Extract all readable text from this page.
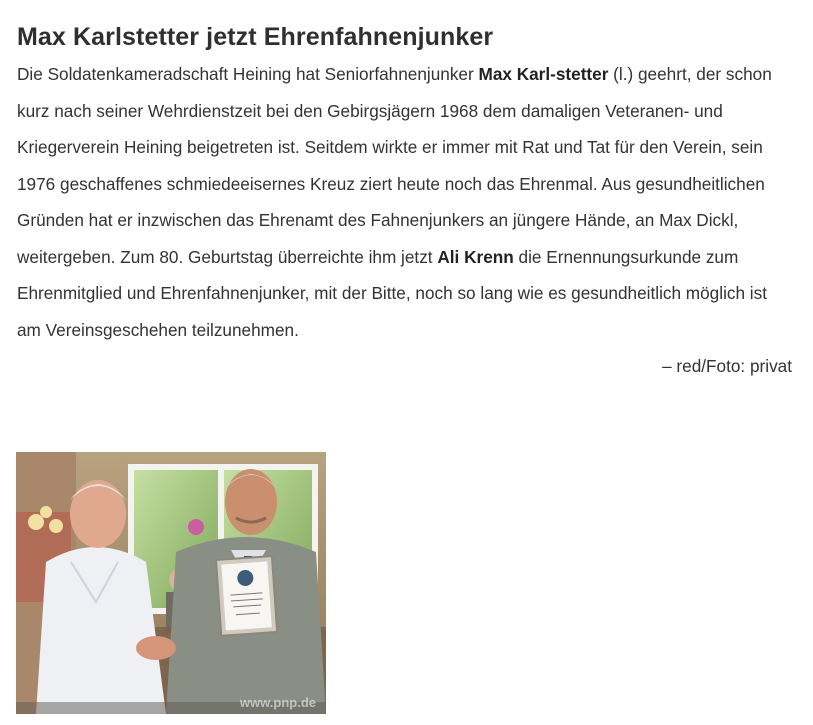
Max Karlstetter jetzt Ehrenfahnenjunker

Die Soldatenkameradschaft Heining hat Seniorfahnenjunker Max Karl-stetter (l.) geehrt, der schon kurz nach seiner Wehrdienstzeit bei den Gebirgsjägern 1968 dem damaligen Veteranen- und Kriegerverein Heining beigetreten ist. Seitdem wirkte er immer mit Rat und Tat für den Verein, sein 1976 geschaffenes schmiedeeisernes Kreuz ziert heute noch das Ehrenmal. Aus gesundheitlichen Gründen hat er inzwischen das Ehrenamt des Fahnenjunkers an jüngere Hände, an Max Dickl, weitergeben. Zum 80. Geburtstag überreichte ihm jetzt Ali Krenn die Ernennungsurkunde zum Ehrenmitglied und Ehrenfahnenjunker, mit der Bitte, noch so lang wie es gesundheitlich möglich ist am Vereinsgeschehen teilzunehmen.

– red/Foto: privat
www.pnp.de
